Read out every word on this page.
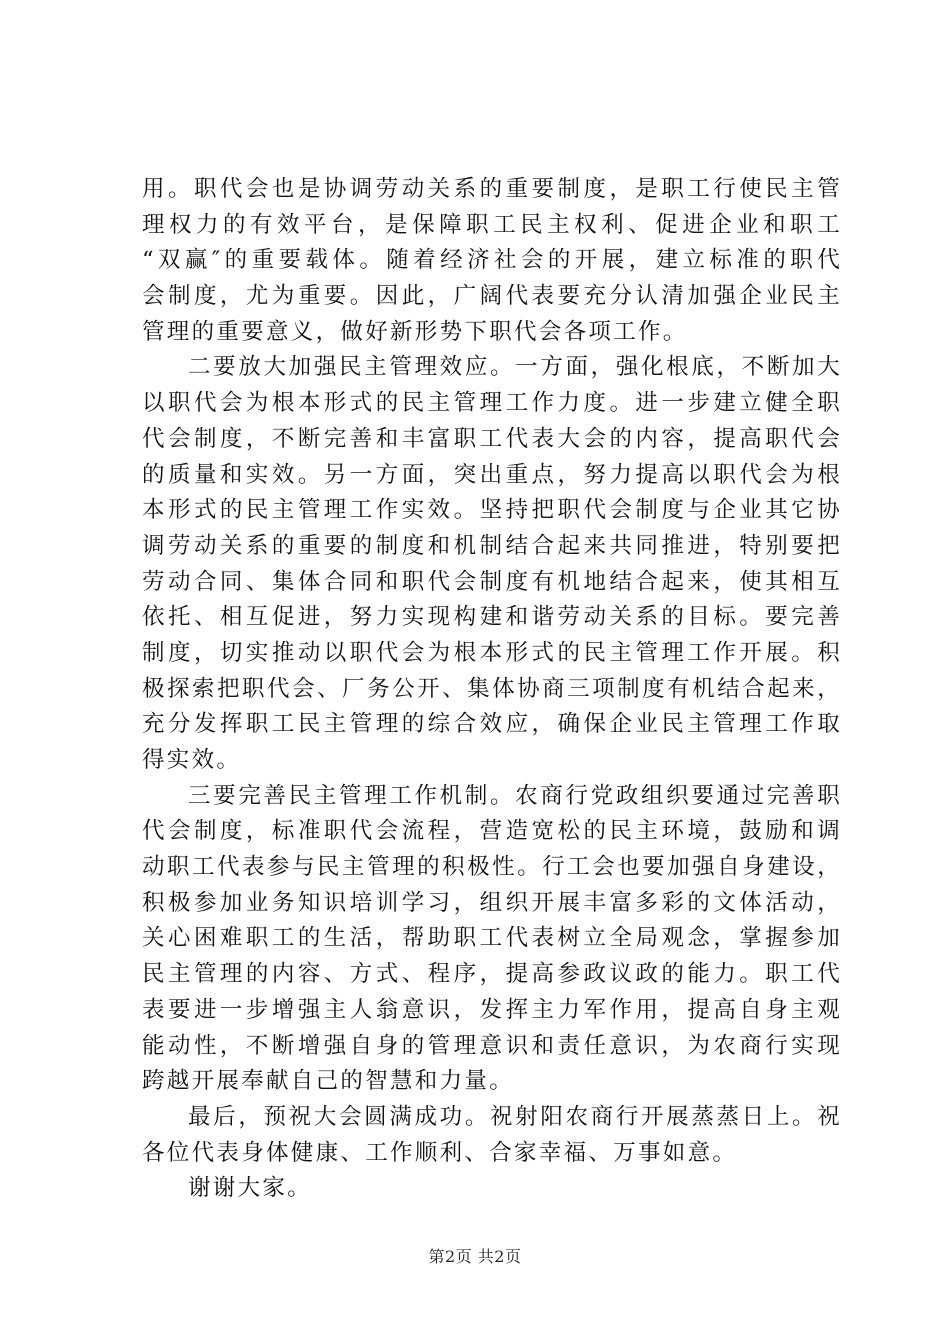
用。职代会也是协调劳动关系的重要制度，是职工行使民主管
理权力的有效平台，是保障职工民主权利、促进企业和职工
“双赢″的重要载体。随着经济社会的开展，建立标准的职代
会制度，尤为重要。因此，广阔代表要充分认清加强企业民主
管理的重要意义，做好新形势下职代会各项工作。
二要放大加强民主管理效应。一方面，强化根底，不断加大
以职代会为根本形式的民主管理工作力度。进一步建立健全职
代会制度，不断完善和丰富职工代表大会的内容，提高职代会
的质量和实效。另一方面，突出重点，努力提高以职代会为根
本形式的民主管理工作实效。坚持把职代会制度与企业其它协
调劳动关系的重要的制度和机制结合起来共同推进，特别要把
劳动合同、集体合同和职代会制度有机地结合起来，使其相互
依托、相互促进，努力实现构建和谐劳动关系的目标。要完善
制度，切实推动以职代会为根本形式的民主管理工作开展。积
极探索把职代会、厂务公开、集体协商三项制度有机结合起来，
充分发挥职工民主管理的综合效应，确保企业民主管理工作取
得实效。
三要完善民主管理工作机制。农商行党政组织要通过完善职
代会制度，标准职代会流程，营造宽松的民主环境，鼓励和调
动职工代表参与民主管理的积极性。行工会也要加强自身建设，
积极参加业务知识培训学习，组织开展丰富多彩的文体活动，
关心困难职工的生活，帮助职工代表树立全局观念，掌握参加
民主管理的内容、方式、程序，提高参政议政的能力。职工代
表要进一步增强主人翁意识，发挥主力军作用，提高自身主观
能动性，不断增强自身的管理意识和责任意识，为农商行实现
跨越开展奉献自己的智慧和力量。
最后，预祝大会圆满成功。祝射阳农商行开展蒸蒸日上。祝
各位代表身体健康、工作顺利、合家幸福、万事如意。
谢谢大家。
第2页 共2页
